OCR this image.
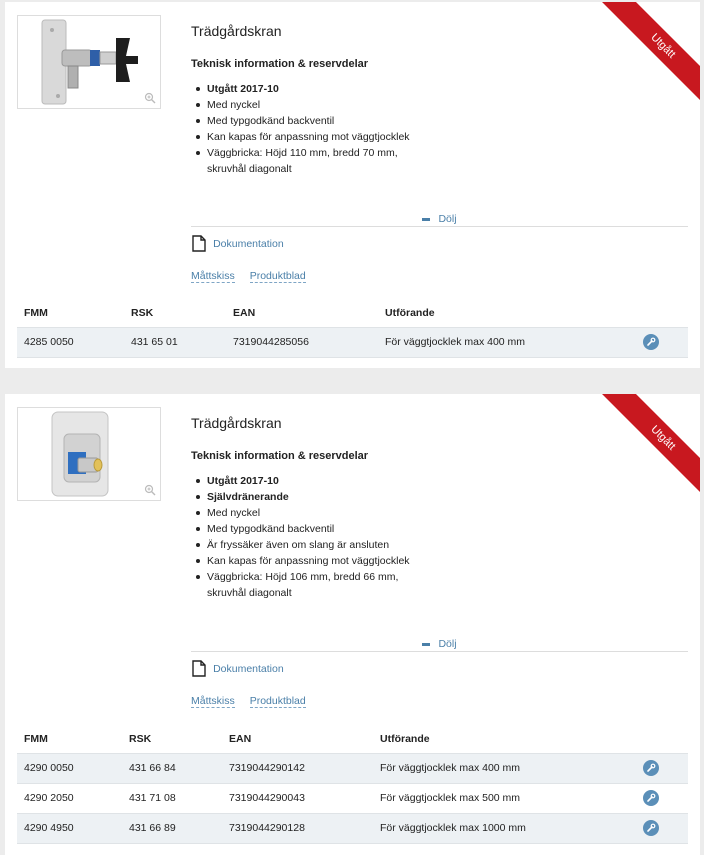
Utgått
Trädgårdskran
Teknisk information & reservdelar
Utgått 2017-10
Med nyckel
Med typgodkänd backventil
Kan kapas för anpassning mot väggtjocklek
Väggbricka: Höjd 110 mm, bredd 70 mm, skruvhål diagonalt
Dölj
Dokumentation
Måttskiss Produktblad
FMM	RSK	EAN	Utförande	
4285 0050	431 65 01	7319044285056	För väggtjocklek max 400 mm	
Utgått
Trädgårdskran
Teknisk information & reservdelar
Utgått 2017-10
Självdränerande
Med nyckel
Med typgodkänd backventil
Är fryssäker även om slang är ansluten
Kan kapas för anpassning mot väggtjocklek
Väggbricka: Höjd 106 mm, bredd 66 mm, skruvhål diagonalt
Dölj
Dokumentation
Måttskiss Produktblad
FMM	RSK	EAN	Utförande	
4290 0050	431 66 84	7319044290142	För väggtjocklek max 400 mm	

4290 2050	431 71 08	7319044290043	För väggtjocklek max 500 mm	

4290 4950	431 66 89	7319044290128	För väggtjocklek max 1000 mm	
